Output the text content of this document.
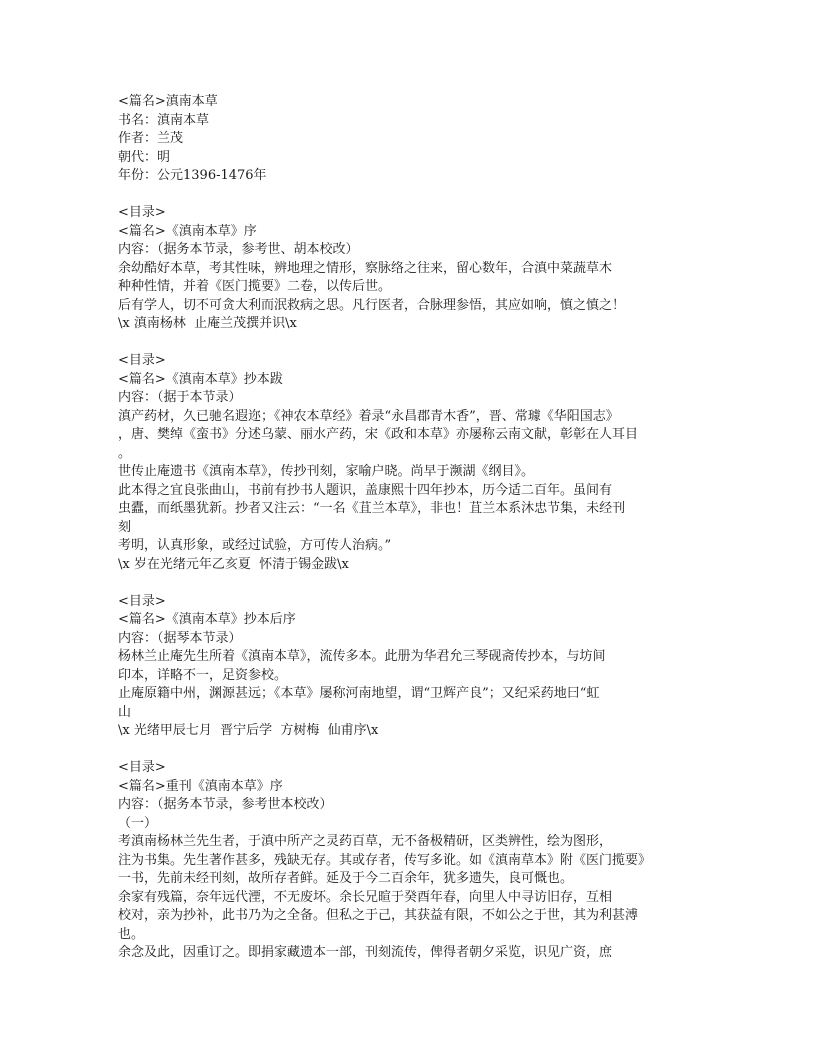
<篇名>滇南本草
书名：滇南本草
作者：兰茂
朝代：明
年份：公元1396-1476年
<目录>
<篇名>《滇南本草》序
内容：（据务本节录，参考世、胡本校改）
余幼酷好本草，考其性味，辨地理之情形，察脉络之往来，留心数年，合滇中菜蔬草木
种种性情，并着《医门揽要》二卷，以传后世。
后有学人，切不可贪大利而泯救病之思。凡行医者，合脉理参悟，其应如响，慎之慎之！
\x 滇南杨林  止庵兰茂撰并识\x
<目录>
<篇名>《滇南本草》抄本跋
内容：（据于本节录）
滇产药材，久已驰名遐迩；《神农本草经》着录“永昌郡青木香”，晋、常璩《华阳国志》
，唐、樊绰《蛮书》分述乌蒙、丽水产药，宋《政和本草》亦屡称云南文献，彰彰在人耳目
。
世传止庵遗书《滇南本草》，传抄刊刻，家喻户晓。尚早于濒湖《纲目》。
此本得之宜良张曲山，书前有抄书人题识，盖康熙十四年抄本，历今适二百年。虽间有
虫蠹，而纸墨犹新。抄者又注云：“一名《苴兰本草》，非也！苴兰本系沐忠节集，未经刊
刻
考明，认真形象，或经过试验，方可传人治病。”
\x 岁在光绪元年乙亥夏  怀清于锡金跋\x
<目录>
<篇名>《滇南本草》抄本后序
内容：（据琴本节录）
杨林兰止庵先生所着《滇南本草》，流传多本。此册为华君允三琴砚斋传抄本，与坊间
印本，详略不一，足资参校。
止庵原籍中州，渊源甚远；《本草》屡称河南地望，谓“卫辉产良”；又纪采药地曰“虹
山
\x 光绪甲辰七月  晋宁后学  方树梅  仙甫序\x
<目录>
<篇名>重刊《滇南本草》序
内容：（据务本节录，参考世本校改）
（一）
考滇南杨林兰先生者，于滇中所产之灵药百草，无不备极精研，区类辨性，绘为图形，
注为书集。先生著作甚多，残缺无存。其或存者，传写多讹。如《滇南草本》附《医门揽要》
一书，先前未经刊刻，故所存者鲜。延及于今二百余年，犹多遗失，良可慨也。
余家有残篇，奈年远代湮，不无废坏。余长兄暄于癸酉年春，向里人中寻访旧存，互相
校对，亲为抄补，此书乃为之全备。但私之于己，其获益有限，不如公之于世，其为利甚溥
也。
余念及此，因重订之。即捐家藏遗本一部，刊刻流传，俾得者朝夕采览，识见广资，庶
